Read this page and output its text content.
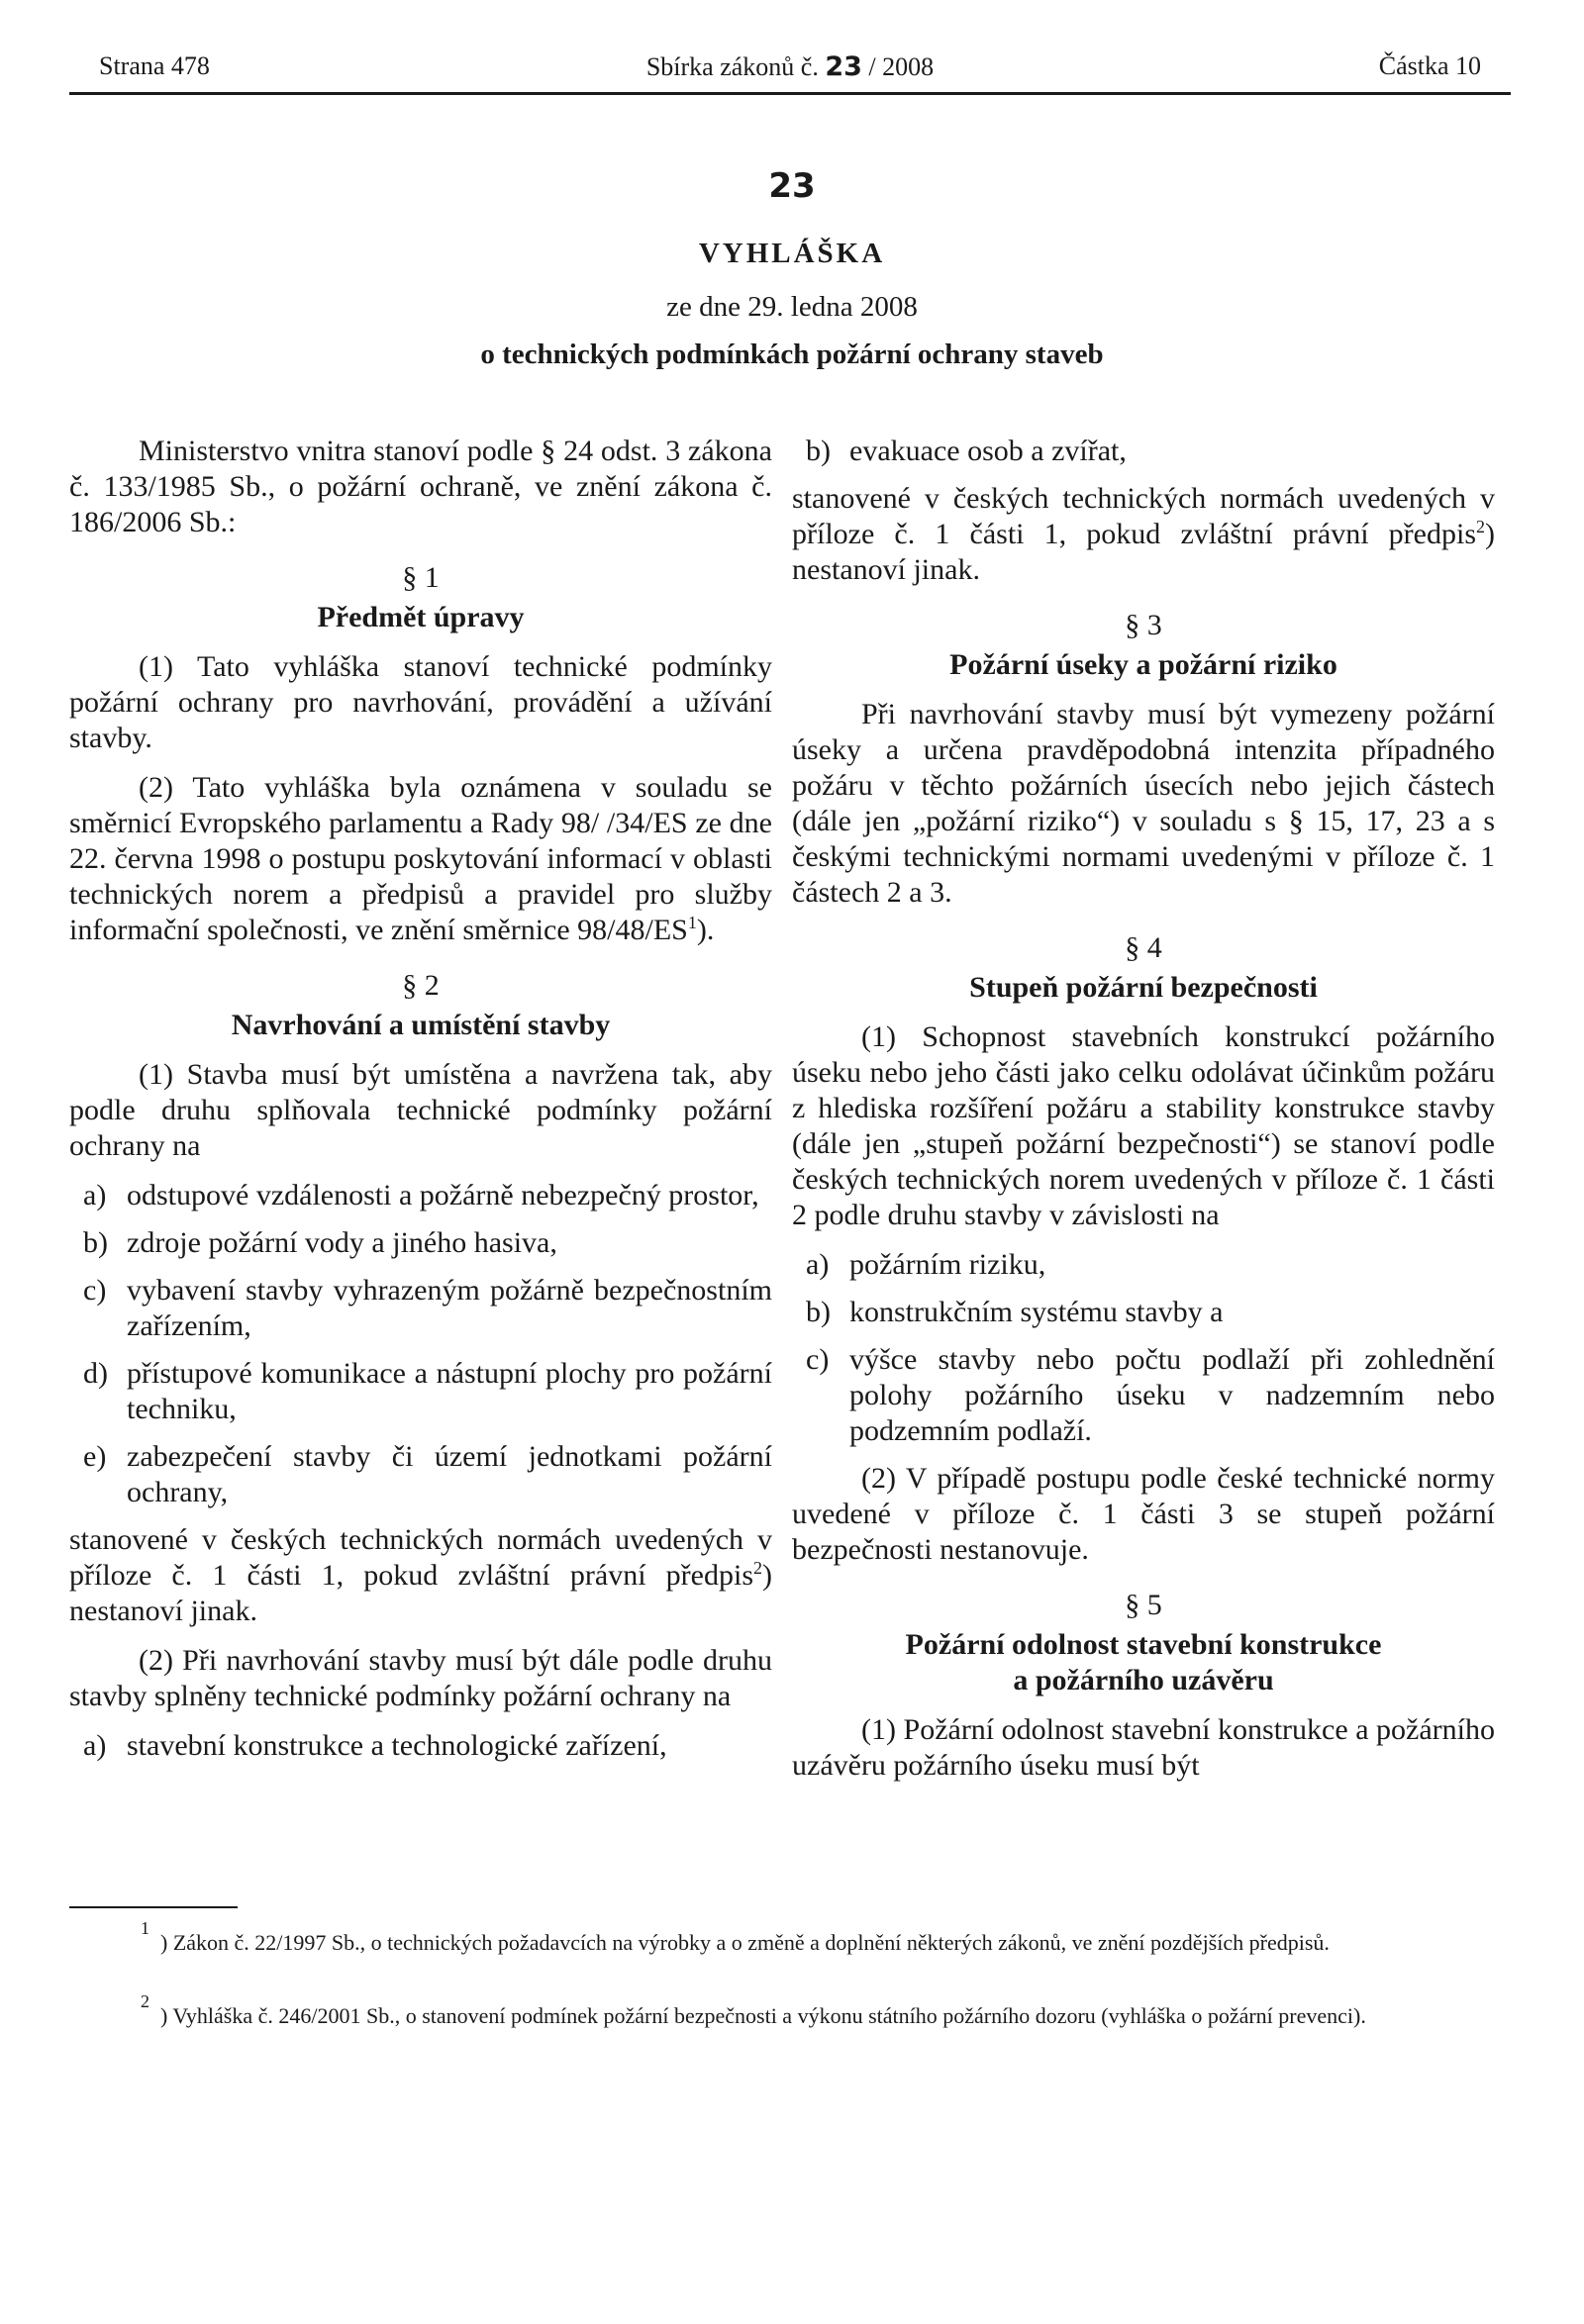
Strana 478	Sbírka zákonů č. 23 / 2008	Částka 10
23
VYHLÁŠKA
ze dne 29. ledna 2008
o technických podmínkách požární ochrany staveb

Ministerstvo vnitra stanoví podle § 24 odst. 3 zákona č. 133/1985 Sb., o požární ochraně, ve znění zákona č. 186/2006 Sb.:

§ 1

Předmět úpravy

(1) Tato vyhláška stanoví technické podmínky požární ochrany pro navrhování, provádění a užívání stavby.

(2) Tato vyhláška byla oznámena v souladu se směrnicí Evropského parlamentu a Rady 98/ /34/ES ze dne 22. června 1998 o postupu poskytování informací v oblasti technických norem a předpisů a pravidel pro služby informační společnosti, ve znění směrnice $98/48/ES^1$).

§ 2

Navrhování a umístění stavby

(1) Stavba musí být umístěna a navržena tak, aby podle druhu splňovala technické podmínky požární ochrany na

a) odstupové vzdálenosti a požárně nebezpečný prostor,
b) zdroje požární vody a jiného hasiva,
c) vybavení stavby vyhrazeným požárně bezpečnostním zařízením,
d) přístupové komunikace a nástupní plochy pro požární techniku,
e) zabezpečení stavby či území jednotkami požární ochrany,

stanovené v českých technických normách uvedených v příloze č. 1 části 1, pokud zvláštní právní předpis$^2$) nestanoví jinak.

(2) Při navrhování stavby musí být dále podle druhu stavby splněny technické podmínky požární ochrany na

a) stavební konstrukce a technologické zařízení,
b) evakuace osob a zvířat,

stanovené v českých technických normách uvedených v příloze č. 1 části 1, pokud zvláštní právní předpis$^2$) nestanoví jinak.

§ 3

Požární úseky a požární riziko

Při navrhování stavby musí být vymezeny požární úseky a určena pravděpodobná intenzita případného požáru v těchto požárních úsecích nebo jejich částech (dále jen „požární riziko“) v souladu s § 15, 17, 23 a s českými technickými normami uvedenými v příloze č. 1 částech 2 a 3.

§ 4

Stupeň požární bezpečnosti

(1) Schopnost stavebních konstrukcí požárního úseku nebo jeho části jako celku odolávat účinkům požáru z hlediska rozšíření požáru a stability konstrukce stavby (dále jen „stupeň požární bezpečnosti“) se stanoví podle českých technických norem uvedených v příloze č. 1 části 2 podle druhu stavby v závislosti na

a) požárním riziku,
b) konstrukčním systému stavby a
c) výšce stavby nebo počtu podlaží při zohlednění polohy požárního úseku v nadzemním nebo podzemním podlaží.

(2) V případě postupu podle české technické normy uvedené v příloze č. 1 části 3 se stupeň požární bezpečnosti nestanovuje.

§ 5

Požární odolnost stavební konstrukce

a požárního uzávěru

(1) Požární odolnost stavební konstrukce a požárního uzávěru požárního úseku musí být

1
) Zákon č. 22/1997 Sb., o technických požadavcích na výrobky a o změně a doplnění některých zákonů, ve znění pozdějších předpisů.
2
) Vyhláška č. 246/2001 Sb., o stanovení podmínek požární bezpečnosti a výkonu státního požárního dozoru (vyhláška o požární prevenci).
